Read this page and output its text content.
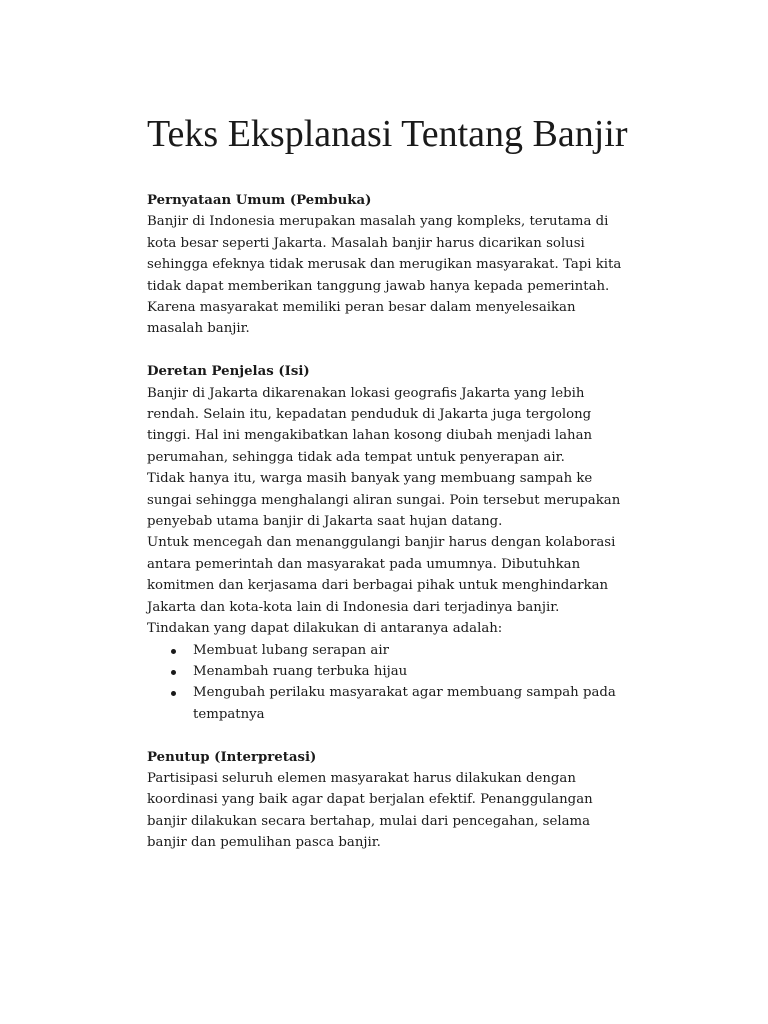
Teks Eksplanasi Tentang Banjir

Pernyataan Umum (Pembuka)

Banjir di Indonesia merupakan masalah yang kompleks, terutama di

kota besar seperti Jakarta. Masalah banjir harus dicarikan solusi

sehingga efeknya tidak merusak dan merugikan masyarakat. Tapi kita

tidak dapat memberikan tanggung jawab hanya kepada pemerintah.

Karena masyarakat memiliki peran besar dalam menyelesaikan

masalah banjir.

Deretan Penjelas (Isi)

Banjir di Jakarta dikarenakan lokasi geografis Jakarta yang lebih

rendah. Selain itu, kepadatan penduduk di Jakarta juga tergolong

tinggi. Hal ini mengakibatkan lahan kosong diubah menjadi lahan

perumahan, sehingga tidak ada tempat untuk penyerapan air.

Tidak hanya itu, warga masih banyak yang membuang sampah ke

sungai sehingga menghalangi aliran sungai. Poin tersebut merupakan

penyebab utama banjir di Jakarta saat hujan datang.

Untuk mencegah dan menanggulangi banjir harus dengan kolaborasi

antara pemerintah dan masyarakat pada umumnya. Dibutuhkan

komitmen dan kerjasama dari berbagai pihak untuk menghindarkan

Jakarta dan kota-kota lain di Indonesia dari terjadinya banjir.

Tindakan yang dapat dilakukan di antaranya adalah:

Membuat lubang serapan air

Menambah ruang terbuka hijau

Mengubah perilaku masyarakat agar membuang sampah pada

tempatnya

Penutup (Interpretasi)

Partisipasi seluruh elemen masyarakat harus dilakukan dengan

koordinasi yang baik agar dapat berjalan efektif. Penanggulangan

banjir dilakukan secara bertahap, mulai dari pencegahan, selama

banjir dan pemulihan pasca banjir.
